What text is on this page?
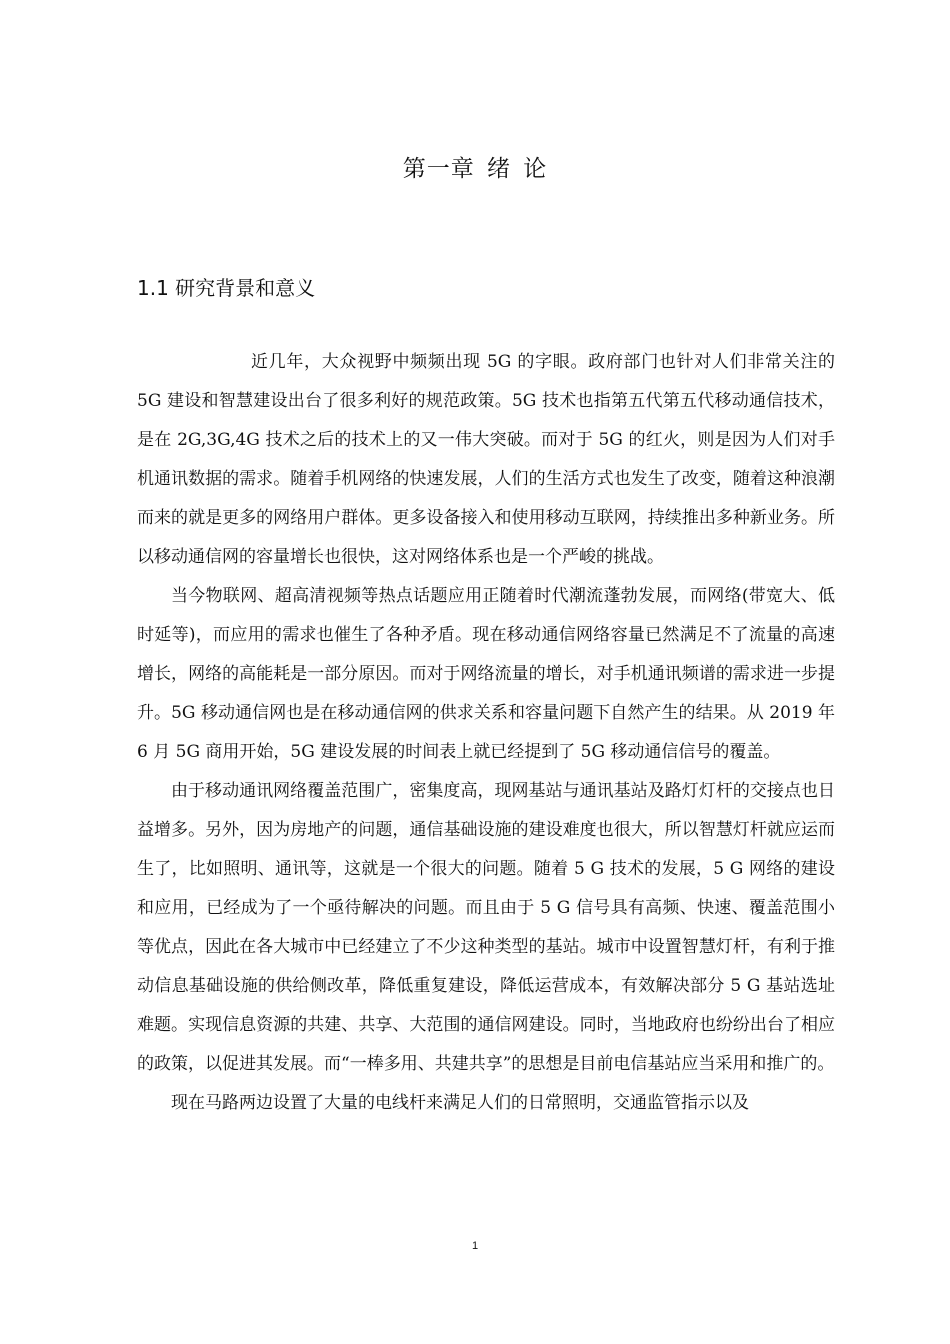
第一章 绪 论
1.1 研究背景和意义

近几年，大众视野中频频出现 5G 的字眼。政府部门也针对人们非常关注的 5G 建设和智慧建设出台了很多利好的规范政策。5G 技术也指第五代第五代移动通信技术，是在 2G,3G,4G 技术之后的技术上的又一伟大突破。而对于 5G 的红火，则是因为人们对手机通讯数据的需求。随着手机网络的快速发展，人们的生活方式也发生了改变，随着这种浪潮而来的就是更多的网络用户群体。更多设备接入和使用移动互联网，持续推出多种新业务。所以移动通信网的容量增长也很快，这对网络体系也是一个严峻的挑战。

当今物联网、超高清视频等热点话题应用正随着时代潮流蓬勃发展，而网络(带宽大、低时延等)，而应用的需求也催生了各种矛盾。现在移动通信网络容量已然满足不了流量的高速增长，网络的高能耗是一部分原因。而对于网络流量的增长，对手机通讯频谱的需求进一步提升。5G 移动通信网也是在移动通信网的供求关系和容量问题下自然产生的结果。从 2019 年 6 月 5G 商用开始，5G 建设发展的时间表上就已经提到了 5G 移动通信信号的覆盖。

由于移动通讯网络覆盖范围广，密集度高，现网基站与通讯基站及路灯灯杆的交接点也日益增多。另外，因为房地产的问题，通信基础设施的建设难度也很大，所以智慧灯杆就应运而生了，比如照明、通讯等，这就是一个很大的问题。随着 5 G 技术的发展，5 G 网络的建设和应用，已经成为了一个亟待解决的问题。而且由于 5 G 信号具有高频、快速、覆盖范围小等优点，因此在各大城市中已经建立了不少这种类型的基站。城市中设置智慧灯杆，有利于推动信息基础设施的供给侧改革，降低重复建设，降低运营成本，有效解决部分 5 G 基站选址难题。实现信息资源的共建、共享、大范围的通信网建设。同时，当地政府也纷纷出台了相应的政策，以促进其发展。而“一棒多用、共建共享”的思想是目前电信基站应当采用和推广的。

现在马路两边设置了大量的电线杆来满足人们的日常照明，交通监管指示以及

1
